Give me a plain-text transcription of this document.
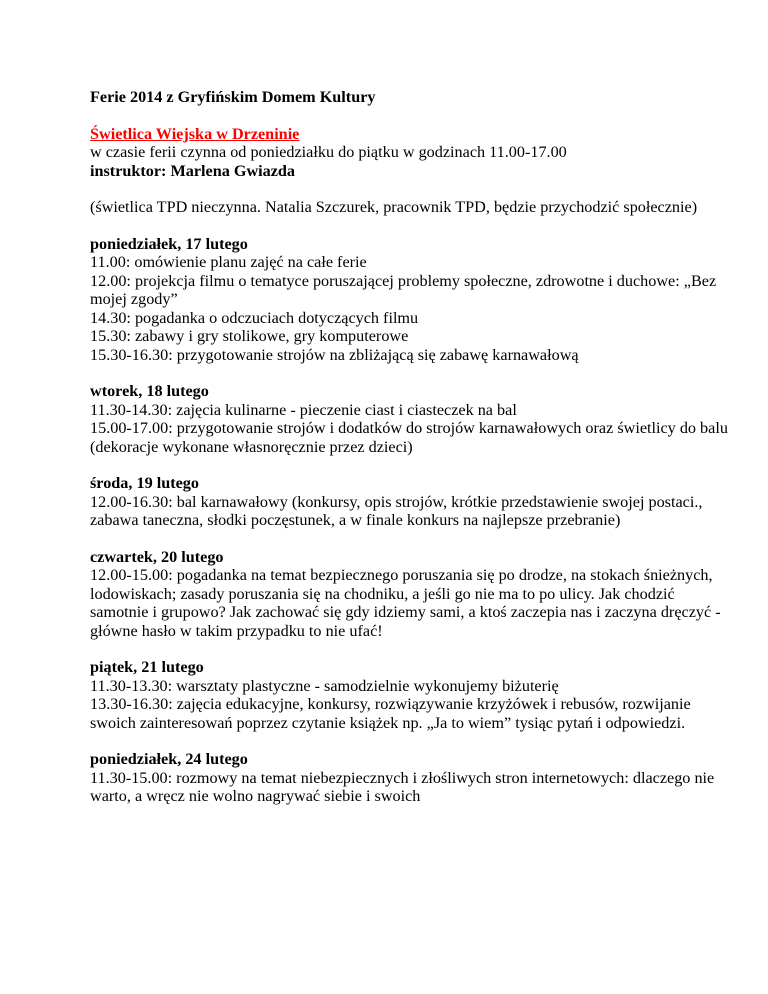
Ferie 2014 z Gryfińskim Domem Kultury
Świetlica Wiejska w Drzeninie
w czasie ferii czynna od poniedziałku do piątku w godzinach 11.00-17.00
instruktor: Marlena Gwiazda
(świetlica TPD nieczynna. Natalia Szczurek, pracownik TPD, będzie przychodzić społecznie)
poniedziałek, 17 lutego
11.00: omówienie planu zajęć na całe ferie
12.00: projekcja filmu o tematyce poruszającej problemy społeczne, zdrowotne i duchowe: „Bez mojej zgody”
14.30: pogadanka o odczuciach dotyczących filmu
15.30: zabawy i gry stolikowe, gry komputerowe
15.30-16.30: przygotowanie strojów na zbliżającą się zabawę karnawałową
wtorek, 18 lutego
11.30-14.30: zajęcia kulinarne - pieczenie ciast i ciasteczek na bal
15.00-17.00: przygotowanie strojów i dodatków do strojów karnawałowych oraz świetlicy do balu (dekoracje wykonane własnoręcznie przez dzieci)
środa, 19 lutego
12.00-16.30: bal karnawałowy (konkursy, opis strojów, krótkie przedstawienie swojej postaci., zabawa taneczna, słodki poczęstunek, a w finale konkurs na najlepsze przebranie)
czwartek, 20 lutego
12.00-15.00: pogadanka na temat bezpiecznego poruszania się po drodze, na stokach śnieżnych, lodowiskach; zasady poruszania się na chodniku, a jeśli go nie ma to po ulicy. Jak chodzić samotnie i grupowo? Jak zachować się gdy idziemy sami, a ktoś zaczepia nas i zaczyna dręczyć - główne hasło w takim przypadku to nie ufać!
piątek, 21 lutego
11.30-13.30: warsztaty plastyczne - samodzielnie wykonujemy biżuterię
13.30-16.30: zajęcia edukacyjne, konkursy, rozwiązywanie krzyżówek i rebusów, rozwijanie swoich zainteresowań poprzez czytanie książek np. „Ja to wiem” tysiąc pytań i odpowiedzi.
poniedziałek, 24 lutego
11.30-15.00: rozmowy na temat niebezpiecznych i złośliwych stron internetowych: dlaczego nie warto, a wręcz nie wolno nagrywać siebie i swoich
